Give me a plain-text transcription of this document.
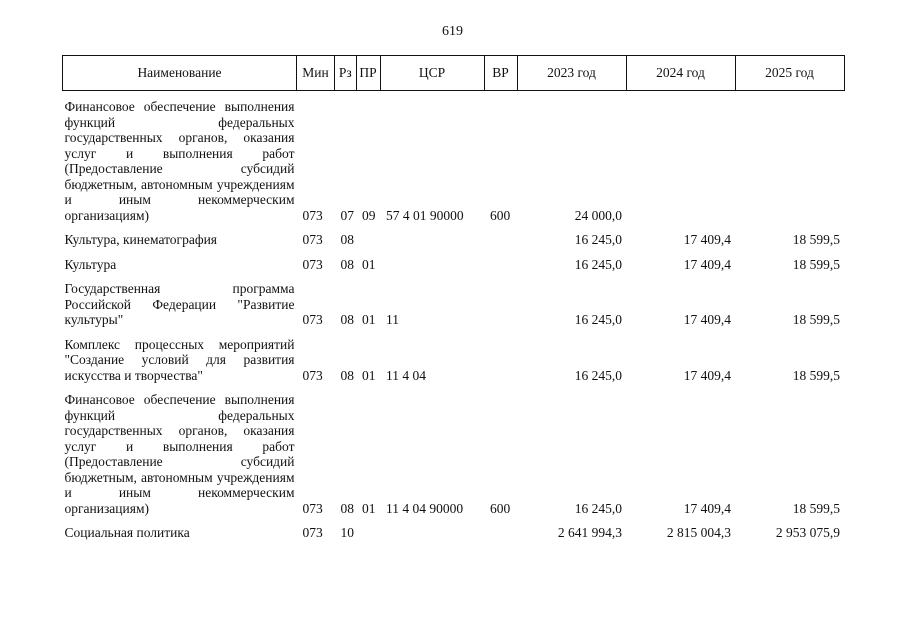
619
Наименование	Мин	Рз	ПР	ЦСР	ВР	2023 год	2024 год	2025 год

Финансовое обеспечение выполнения функций федеральных государственных органов, оказания услуг и выполнения работ (Предоставление субсидий бюджетным, автономным учреждениям и иным некоммерческим организациям)	073	07	09	57 4 01 90000	600	24 000,0		

Культура, кинематография	073	08				16 245,0	17 409,4	18 599,5

Культура	073	08	01			16 245,0	17 409,4	18 599,5

Государственная программа Российской Федерации "Развитие культуры"	073	08	01	11		16 245,0	17 409,4	18 599,5

Комплекс процессных мероприятий "Создание условий для развития искусства и творчества"	073	08	01	11 4 04		16 245,0	17 409,4	18 599,5

Финансовое обеспечение выполнения функций федеральных государственных органов, оказания услуг и выполнения работ (Предоставление субсидий бюджетным, автономным учреждениям и иным некоммерческим организациям)	073	08	01	11 4 04 90000	600	16 245,0	17 409,4	18 599,5

Социальная политика	073	10				2 641 994,3	2 815 004,3	2 953 075,9
